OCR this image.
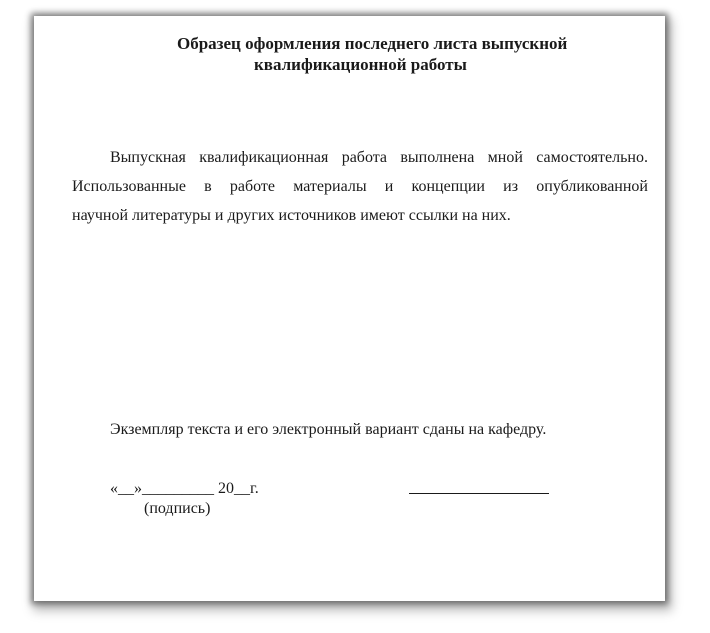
Образец оформления последнего листа выпускной
квалификационной работы
Выпускная квалификационная работа выполнена мной самостоятельно.
Использованные в работе материалы и концепции из опубликованной
научной литературы и других источников имеют ссылки на них.
Экземпляр текста и его электронный вариант сданы на кафедру.
«__»_________ 20__г.
(подпись)
